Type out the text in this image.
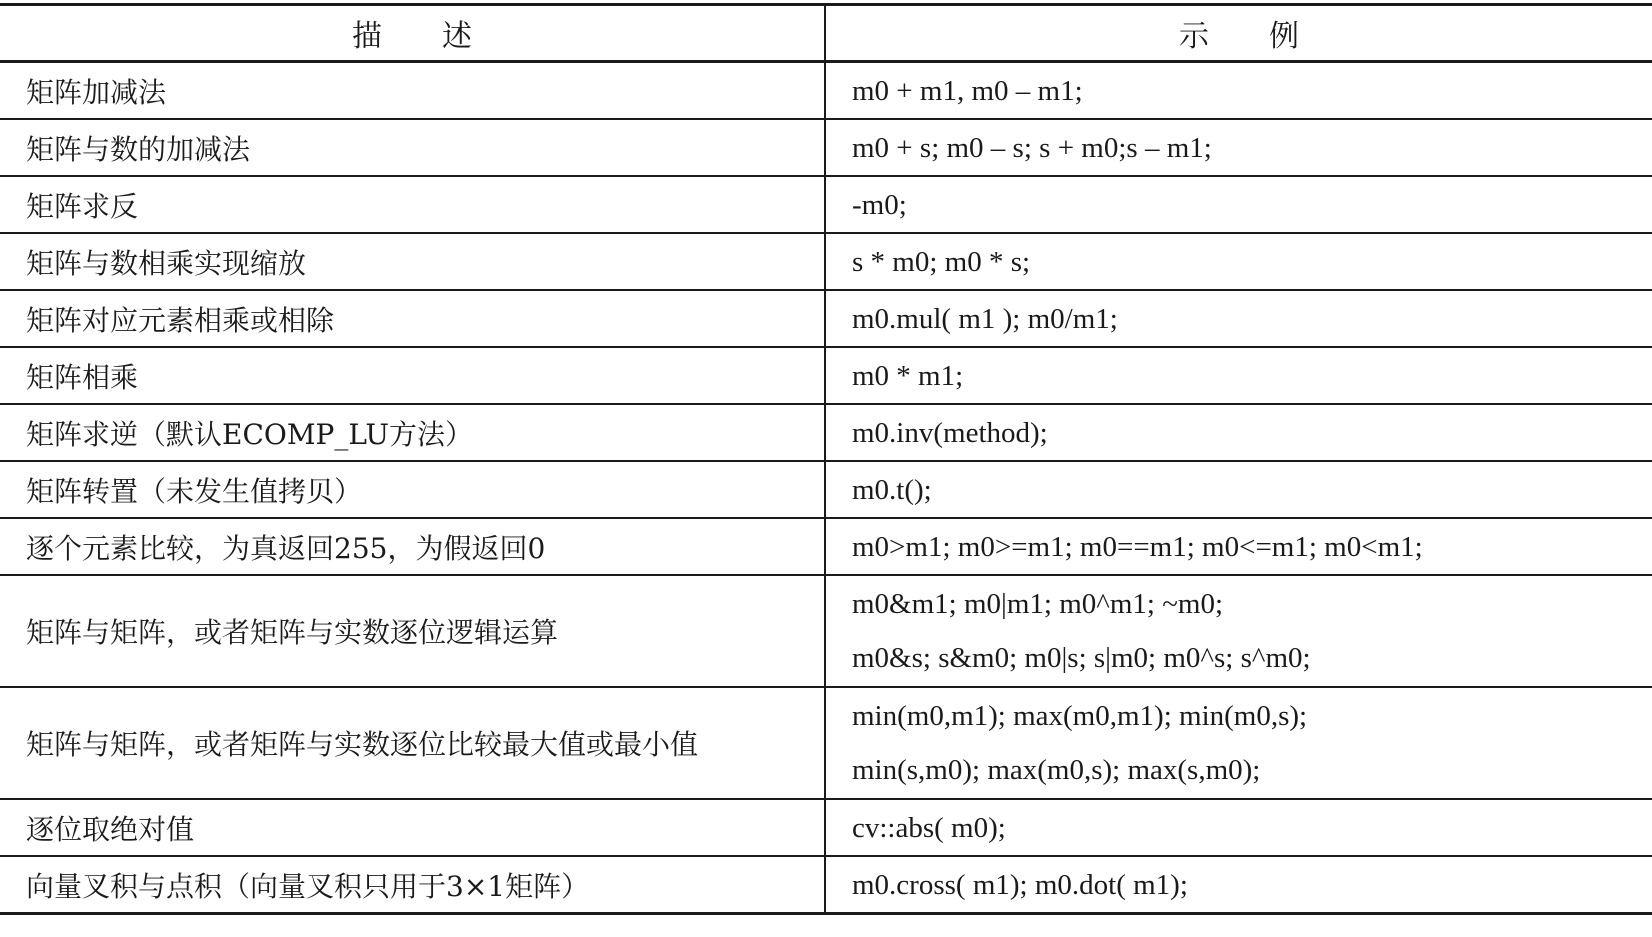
描 述	示 例
矩阵加减法	m0 + m1, m0 – m1;

矩阵与数的加减法	m0 + s; m0 – s; s + m0;s – m1;

矩阵求反	-m0;

矩阵与数相乘实现缩放	s * m0; m0 * s;

矩阵对应元素相乘或相除	m0.mul( m1 ); m0/m1;

矩阵相乘	m0 * m1;

矩阵求逆（默认ECOMP_LU方法）	m0.inv(method);

矩阵转置（未发生值拷贝）	m0.t();

逐个元素比较，为真返回255，为假返回0	m0>m1; m0>=m1; m0==m1; m0<=m1; m0<m1;

矩阵与矩阵，或者矩阵与实数逐位逻辑运算	m0&m1; m0|m1; m0^m1; ~m0;
m0&s; s&m0; m0|s; s|m0; m0^s; s^m0;

矩阵与矩阵，或者矩阵与实数逐位比较最大值或最小值	min(m0,m1); max(m0,m1); min(m0,s);
min(s,m0); max(m0,s); max(s,m0);

逐位取绝对值	cv::abs( m0);

向量叉积与点积（向量叉积只用于3×1矩阵）	m0.cross( m1); m0.dot( m1);
